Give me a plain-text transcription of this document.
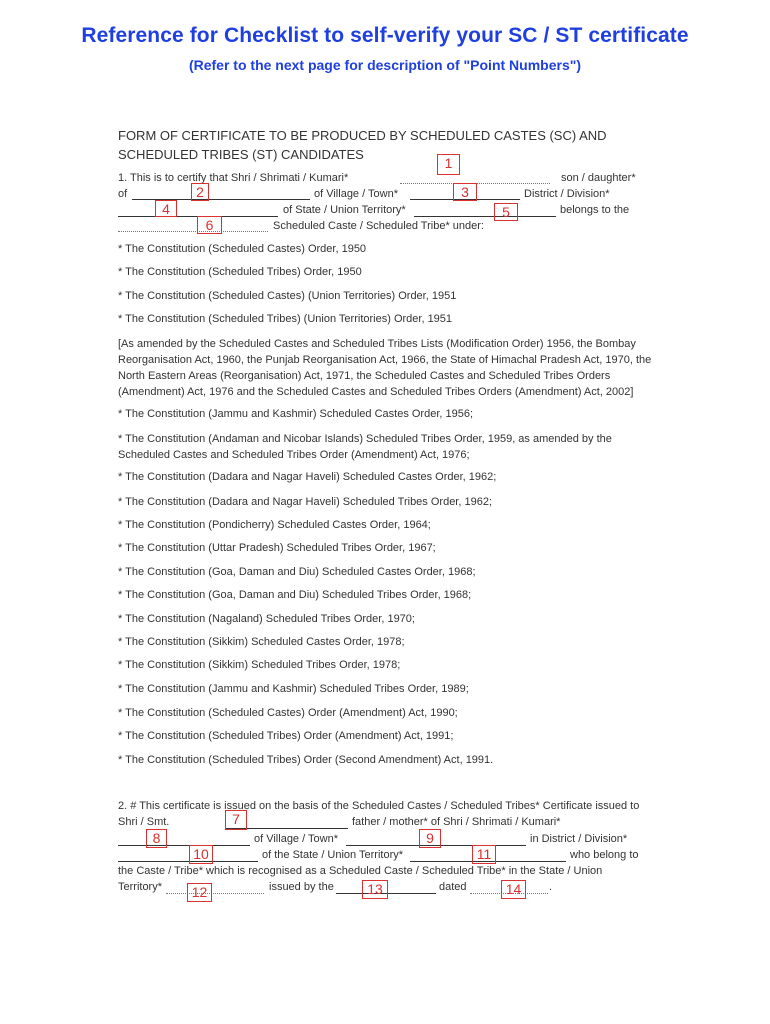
Reference for Checklist to self-verify your SC / ST certificate
(Refer to the next page for description of "Point Numbers")
FORM OF CERTIFICATE TO BE PRODUCED BY SCHEDULED CASTES (SC) AND SCHEDULED TRIBES (ST) CANDIDATES
1. This is to certify that Shri / Shrimati / Kumari*	son / daughter*
of	of Village / Town*	District / Division*
of State / Union Territory*	belongs to the
Scheduled Caste / Scheduled Tribe* under:
1
2	3
4	5
6
* The Constitution (Scheduled Castes) Order, 1950
* The Constitution (Scheduled Tribes) Order, 1950
* The Constitution (Scheduled Castes) (Union Territories) Order, 1951
* The Constitution (Scheduled Tribes) (Union Territories) Order, 1951
[As amended by the Scheduled Castes and Scheduled Tribes Lists (Modification Order) 1956, the Bombay Reorganisation Act, 1960, the Punjab Reorganisation Act, 1966, the State of Himachal Pradesh Act, 1970, the North Eastern Areas (Reorganisation) Act, 1971, the Scheduled Castes and Scheduled Tribes Orders (Amendment) Act, 1976 and the Scheduled Castes and Scheduled Tribes Orders (Amendment) Act, 2002]
* The Constitution (Jammu and Kashmir) Scheduled Castes Order, 1956;
* The Constitution (Andaman and Nicobar Islands) Scheduled Tribes Order, 1959, as amended by the Scheduled Castes and Scheduled Tribes Order (Amendment) Act, 1976;
* The Constitution (Dadara and Nagar Haveli) Scheduled Castes Order, 1962;
* The Constitution (Dadara and Nagar Haveli) Scheduled Tribes Order, 1962;
* The Constitution (Pondicherry) Scheduled Castes Order, 1964;
* The Constitution (Uttar Pradesh) Scheduled Tribes Order, 1967;
* The Constitution (Goa, Daman and Diu) Scheduled Castes Order, 1968;
* The Constitution (Goa, Daman and Diu) Scheduled Tribes Order, 1968;
* The Constitution (Nagaland) Scheduled Tribes Order, 1970;
* The Constitution (Sikkim) Scheduled Castes Order, 1978;
* The Constitution (Sikkim) Scheduled Tribes Order, 1978;
* The Constitution (Jammu and Kashmir) Scheduled Tribes Order, 1989;
* The Constitution (Scheduled Castes) Order (Amendment) Act, 1990;
* The Constitution (Scheduled Tribes) Order (Amendment) Act, 1991;
* The Constitution (Scheduled Tribes) Order (Second Amendment) Act, 1991.
2. # This certificate is issued on the basis of the Scheduled Castes / Scheduled Tribes* Certificate issued to
Shri / Smt.	father / mother* of Shri / Shrimati / Kumari*
of Village / Town*	in District / Division*
of the State / Union Territory*	who belong to
the Caste / Tribe* which is recognised as a Scheduled Caste / Scheduled Tribe* in the State / Union
Territory*	issued by the	dated	.
7
8	9
10	11
12	13	14
